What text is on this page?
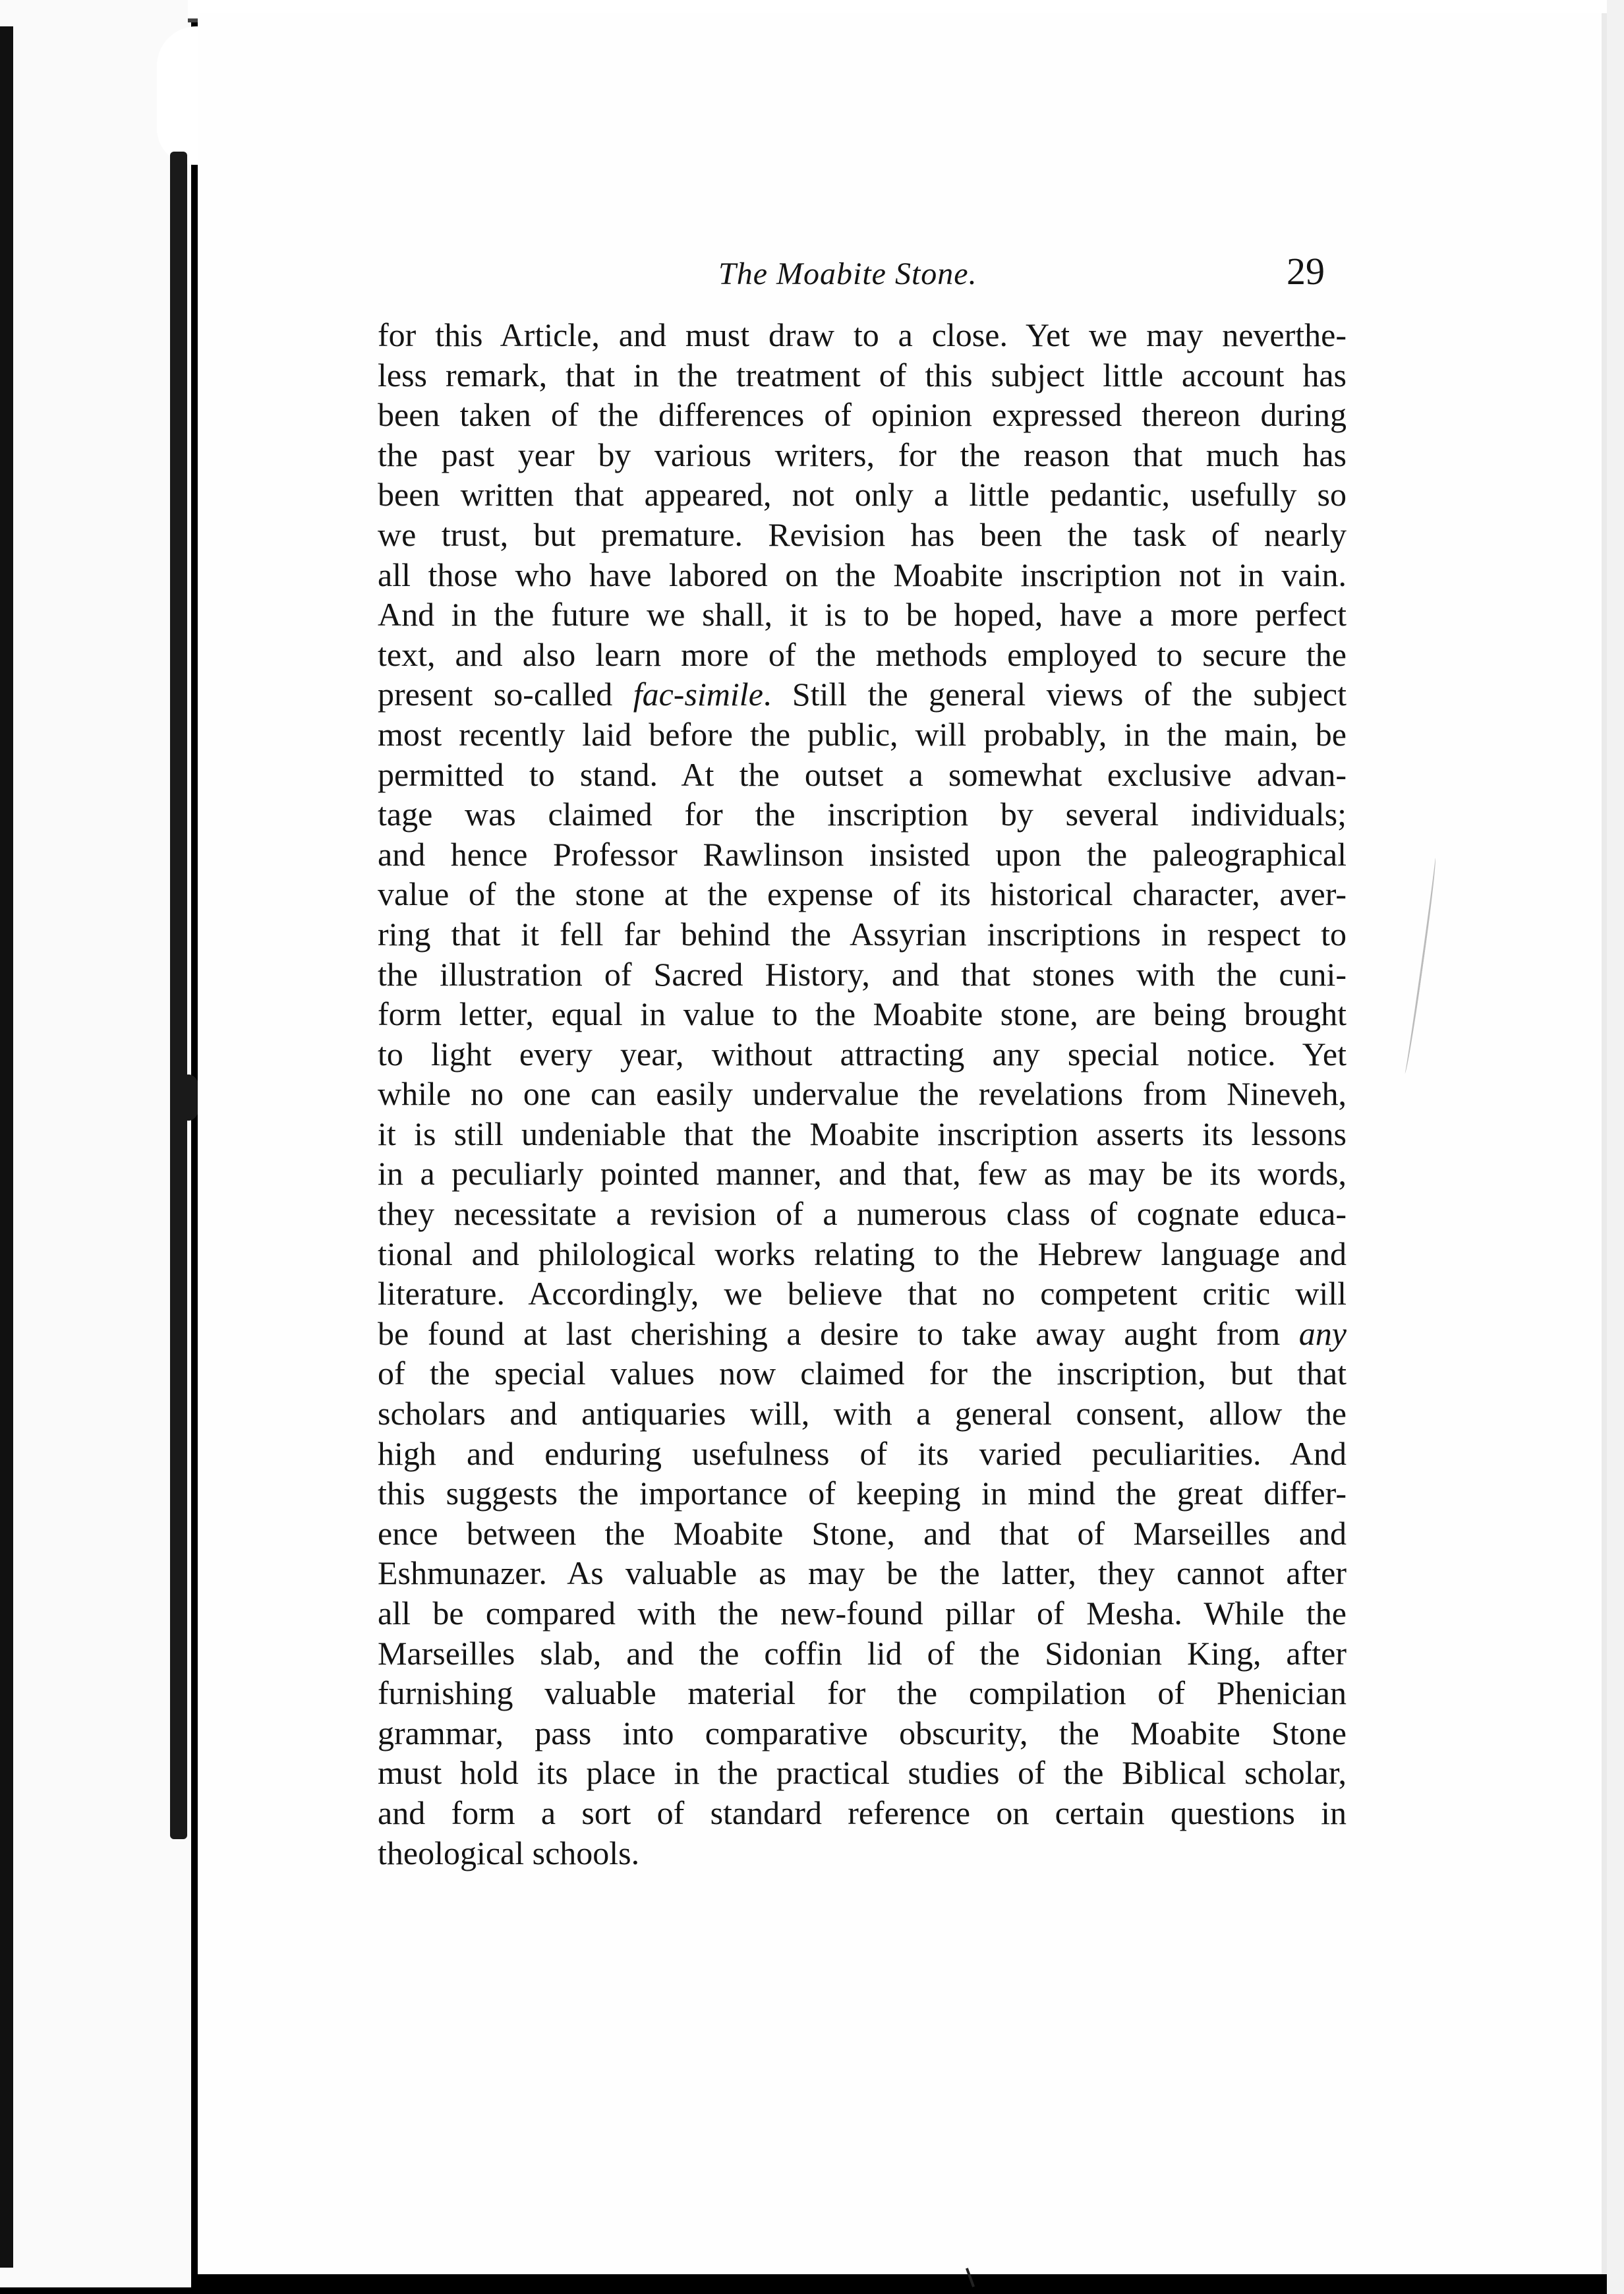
The Moabite Stone.	29
for this Article, and must draw to a close. Yet we may neverthe-
less remark, that in the treatment of this subject little account has
been taken of the differences of opinion expressed thereon during
the past year by various writers, for the reason that much has
been written that appeared, not only a little pedantic, usefully so
we trust, but premature. Revision has been the task of nearly
all those who have labored on the Moabite inscription not in vain.
And in the future we shall, it is to be hoped, have a more perfect
text, and also learn more of the methods employed to secure the
present so-called fac-simile. Still the general views of the subject
most recently laid before the public, will probably, in the main, be
permitted to stand. At the outset a somewhat exclusive advan-
tage was claimed for the inscription by several individuals;
and hence Professor Rawlinson insisted upon the paleographical
value of the stone at the expense of its historical character, aver-
ring that it fell far behind the Assyrian inscriptions in respect to
the illustration of Sacred History, and that stones with the cuni-
form letter, equal in value to the Moabite stone, are being brought
to light every year, without attracting any special notice. Yet
while no one can easily undervalue the revelations from Nineveh,
it is still undeniable that the Moabite inscription asserts its lessons
in a peculiarly pointed manner, and that, few as may be its words,
they necessitate a revision of a numerous class of cognate educa-
tional and philological works relating to the Hebrew language and
literature. Accordingly, we believe that no competent critic will
be found at last cherishing a desire to take away aught from any
of the special values now claimed for the inscription, but that
scholars and antiquaries will, with a general consent, allow the
high and enduring usefulness of its varied peculiarities. And
this suggests the importance of keeping in mind the great differ-
ence between the Moabite Stone, and that of Marseilles and
Eshmunazer. As valuable as may be the latter, they cannot after
all be compared with the new-found pillar of Mesha. While the
Marseilles slab, and the coffin lid of the Sidonian King, after
furnishing valuable material for the compilation of Phenician
grammar, pass into comparative obscurity, the Moabite Stone
must hold its place in the practical studies of the Biblical scholar,
and form a sort of standard reference on certain questions in
theological schools.
